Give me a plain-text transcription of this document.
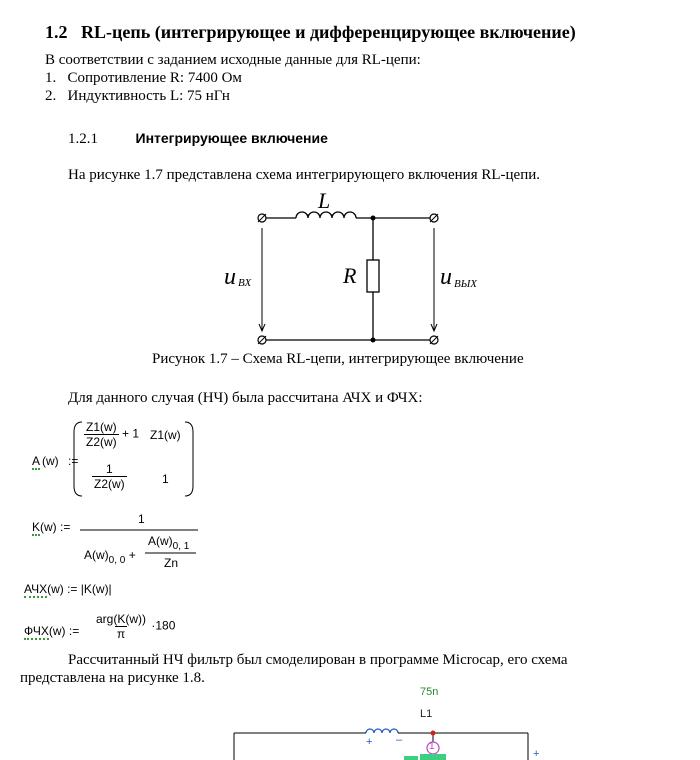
1.2 RL-цепь (интегрирующее и дифференцирующее включение)
В соответствии с заданием исходные данные для RL-цепи:
1. Сопротивление R: 7400 Ом
2. Индуктивность L: 75 нГн
1.2.1	Интегрирующее включение
На рисунке 1.7 представлена схема интегрирующего включения RL-цепи.
L
R
u ВХ	u ВЫХ
Рисунок 1.7 – Схема RL-цепи, интегрирующее включение
Для данного случая (НЧ) была рассчитана АЧХ и ФЧХ:
A (w) :=
$\frac{Z1(w)}{Z2(w)} + 1$ Z1(w)
$\frac{1}{Z2(w)}$	1
K(w) :=
1
$A(w)_{0, 0}$ +
$A(w)_{0, 1}$
Zn
АЧХ(w) := |K(w)|
ФЧХ(w) := $\frac{\text{arg(K(w))}}{\pi} \cdot 180$
Рассчитанный НЧ фильтр был смоделирован в программе Microcap, его схема
представлена на рисунке 1.8.
75n
L1
+ –
1
+
